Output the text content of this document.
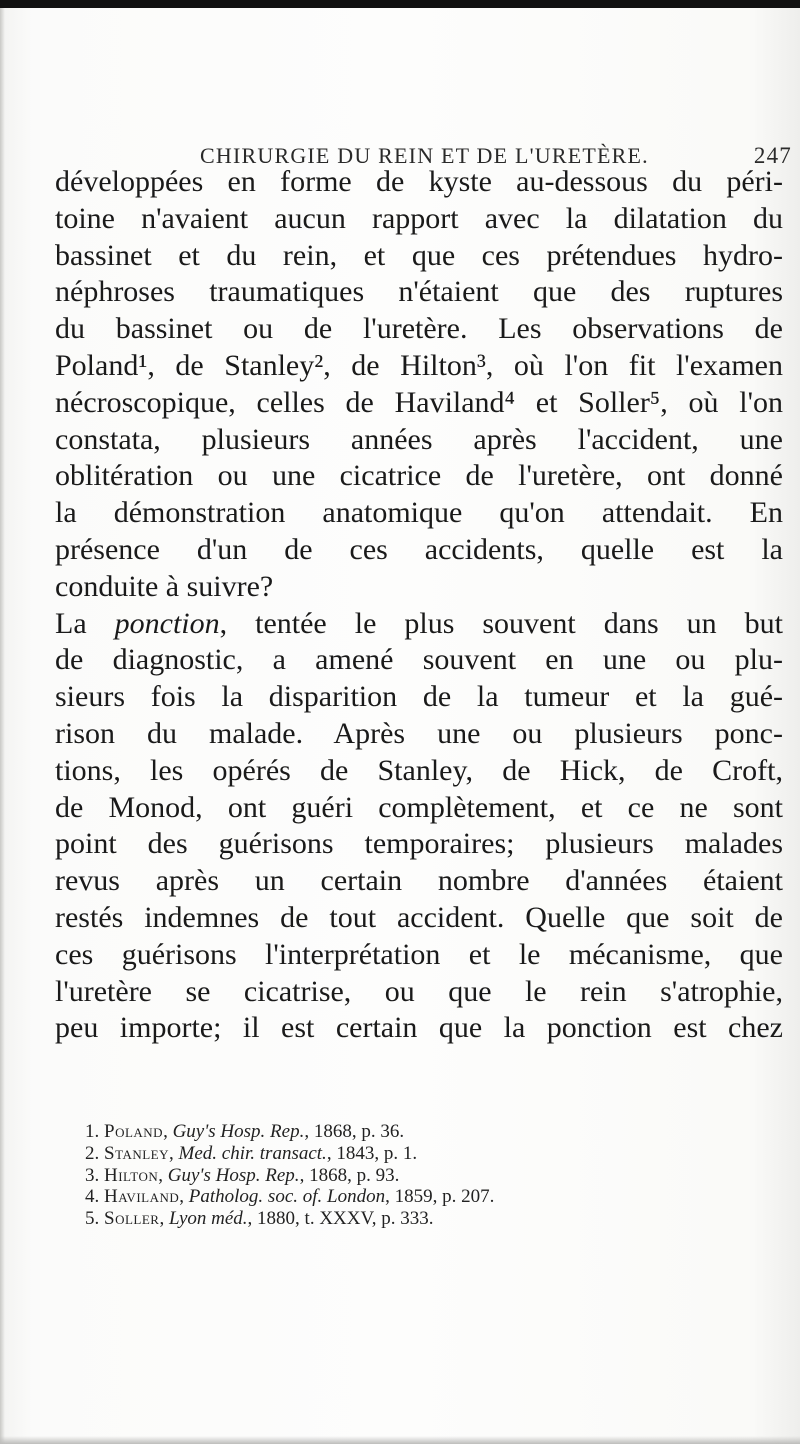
CHIRURGIE DU REIN ET DE L'URETÈRE.	247
développées en forme de kyste au-dessous du péri-
toine n'avaient aucun rapport avec la dilatation du
bassinet et du rein, et que ces prétendues hydro-
néphroses traumatiques n'étaient que des ruptures
du bassinet ou de l'uretère. Les observations de
Poland¹, de Stanley², de Hilton³, où l'on fit l'examen
nécroscopique, celles de Haviland⁴ et Soller⁵, où l'on
constata, plusieurs années après l'accident, une
oblitération ou une cicatrice de l'uretère, ont donné
la démonstration anatomique qu'on attendait. En
présence d'un de ces accidents, quelle est la
conduite à suivre?
La ponction, tentée le plus souvent dans un but
de diagnostic, a amené souvent en une ou plu-
sieurs fois la disparition de la tumeur et la gué-
rison du malade. Après une ou plusieurs ponc-
tions, les opérés de Stanley, de Hick, de Croft,
de Monod, ont guéri complètement, et ce ne sont
point des guérisons temporaires; plusieurs malades
revus après un certain nombre d'années étaient
restés indemnes de tout accident. Quelle que soit de
ces guérisons l'interprétation et le mécanisme, que
l'uretère se cicatrise, ou que le rein s'atrophie,
peu importe; il est certain que la ponction est chez
1. Poland, Guy's Hosp. Rep., 1868, p. 36.
2. Stanley, Med. chir. transact., 1843, p. 1.
3. Hilton, Guy's Hosp. Rep., 1868, p. 93.
4. Haviland, Patholog. soc. of. London, 1859, p. 207.
5. Soller, Lyon méd., 1880, t. XXXV, p. 333.
